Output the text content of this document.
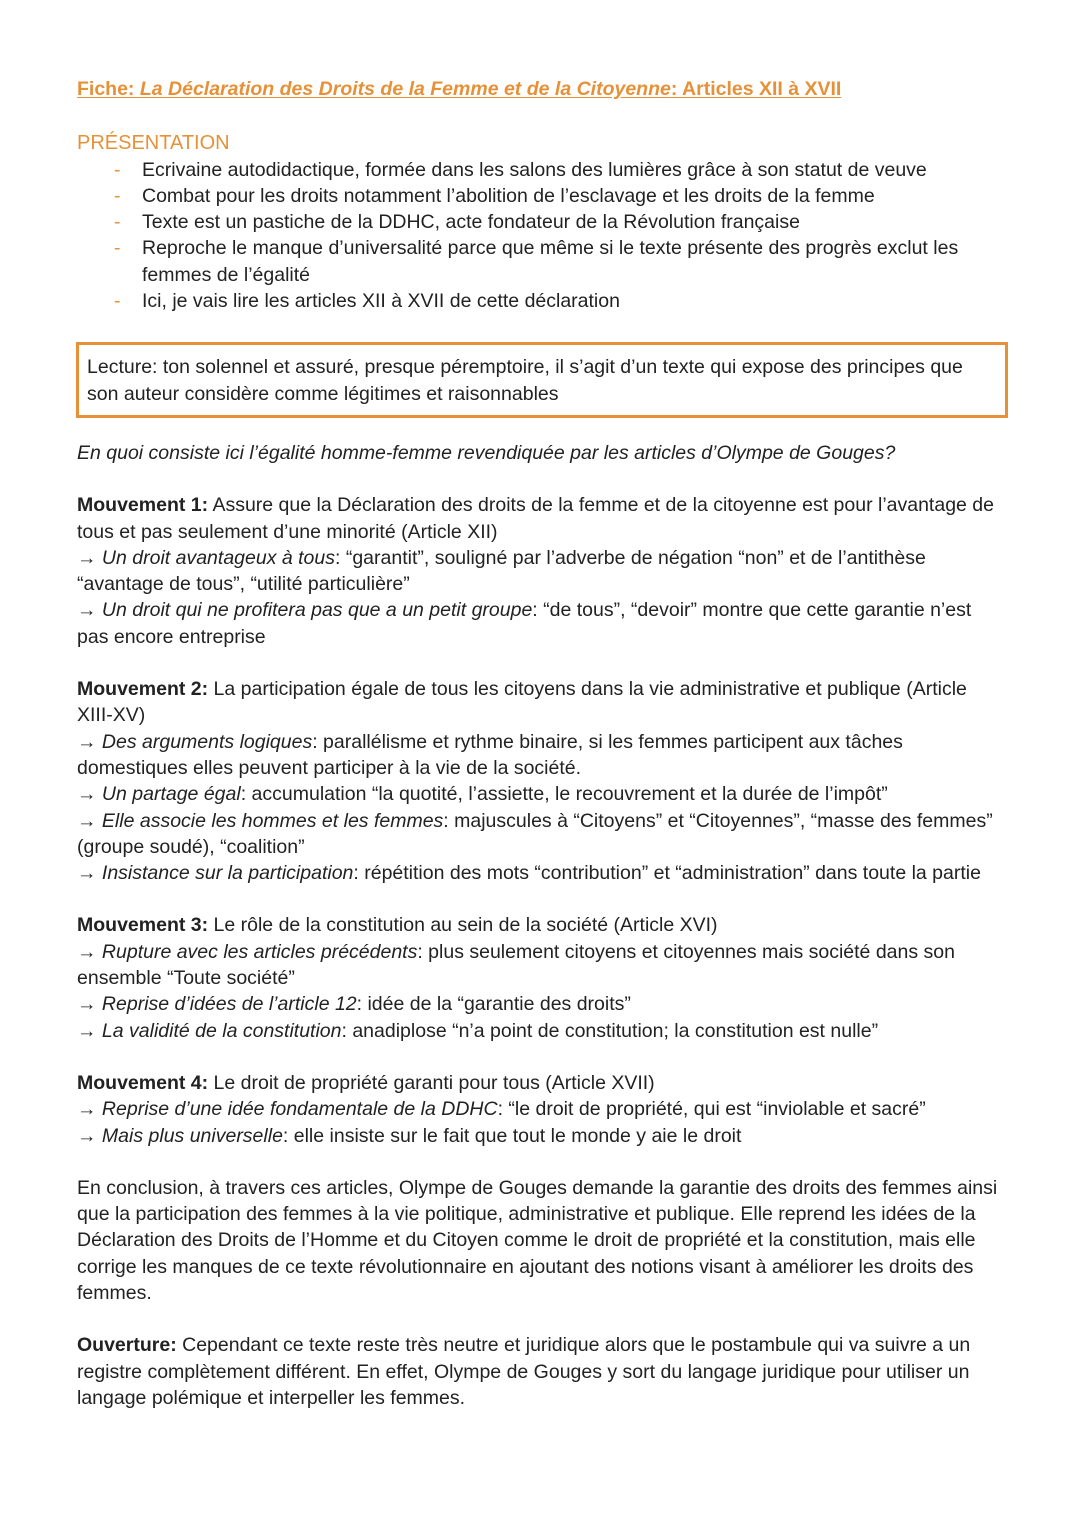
Fiche: La Déclaration des Droits de la Femme et de la Citoyenne: Articles XII à XVII

PRÉSENTATION
- Ecrivaine autodidactique, formée dans les salons des lumières grâce à son statut de veuve
- Combat pour les droits notamment l’abolition de l’esclavage et les droits de la femme
- Texte est un pastiche de la DDHC, acte fondateur de la Révolution française
- Reproche le manque d’universalité parce que même si le texte présente des progrès exclut les femmes de l’égalité
- Ici, je vais lire les articles XII à XVII de cette déclaration
Lecture: ton solennel et assuré, presque péremptoire, il s’agit d’un texte qui expose des principes que son auteur considère comme légitimes et raisonnables
En quoi consiste ici l’égalité homme-femme revendiquée par les articles d’Olympe de Gouges?
Mouvement 1: Assure que la Déclaration des droits de la femme et de la citoyenne est pour l’avantage de tous et pas seulement d’une minorité (Article XII)
→ Un droit avantageux à tous: “garantit”, souligné par l’adverbe de négation “non” et de l’antithèse “avantage de tous”, “utilité particulière”
→ Un droit qui ne profitera pas que a un petit groupe: “de tous”, “devoir” montre que cette garantie n’est pas encore entreprise
Mouvement 2: La participation égale de tous les citoyens dans la vie administrative et publique (Article XIII-XV)
→ Des arguments logiques: parallélisme et rythme binaire, si les femmes participent aux tâches domestiques elles peuvent participer à la vie de la société.
→ Un partage égal: accumulation “la quotité, l’assiette, le recouvrement et la durée de l’impôt”
→ Elle associe les hommes et les femmes: majuscules à “Citoyens” et “Citoyennes”, “masse des femmes” (groupe soudé), “coalition”
→ Insistance sur la participation: répétition des mots “contribution” et “administration” dans toute la partie
Mouvement 3: Le rôle de la constitution au sein de la société (Article XVI)
→ Rupture avec les articles précédents: plus seulement citoyens et citoyennes mais société dans son ensemble “Toute société”
→ Reprise d’idées de l’article 12: idée de la “garantie des droits”
→ La validité de la constitution: anadiplose “n’a point de constitution; la constitution est nulle”
Mouvement 4: Le droit de propriété garanti pour tous (Article XVII)
→ Reprise d’une idée fondamentale de la DDHC: “le droit de propriété, qui est “inviolable et sacré”
→ Mais plus universelle: elle insiste sur le fait que tout le monde y aie le droit
En conclusion, à travers ces articles, Olympe de Gouges demande la garantie des droits des femmes ainsi que la participation des femmes à la vie politique, administrative et publique. Elle reprend les idées de la Déclaration des Droits de l’Homme et du Citoyen comme le droit de propriété et la constitution, mais elle corrige les manques de ce texte révolutionnaire en ajoutant des notions visant à améliorer les droits des femmes.
Ouverture: Cependant ce texte reste très neutre et juridique alors que le postambule qui va suivre a un registre complètement différent. En effet, Olympe de Gouges y sort du langage juridique pour utiliser un langage polémique et interpeller les femmes.
